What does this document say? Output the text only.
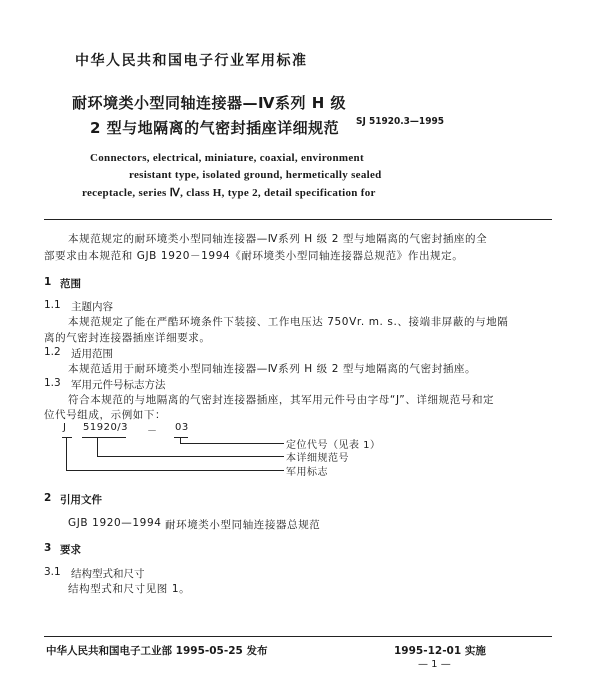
中华人民共和国电子行业军用标准
耐环境类小型同轴连接器—Ⅳ系列 H 级
2 型与地隔离的气密封插座详细规范 SJ 51920.3—1995
Connectors, electrical, miniature, coaxial, environment
resistant type, isolated ground, hermetically sealed
receptacle, series Ⅳ, class H, type 2, detail specification for
本规范规定的耐环境类小型同轴连接器—Ⅳ系列 H 级 2 型与地隔离的气密封插座的全
部要求由本规范和 GJB 1920－1994《耐环境类小型同轴连接器总规范》作出规定。
1 范围
1.1 主题内容
本规范规定了能在严酷环境条件下装接、工作电压达 750Vr. m. s.、接端非屏蔽的与地隔
离的气密封连接器插座详细要求。
1.2 适用范围
本规范适用于耐环境类小型同轴连接器—Ⅳ系列 H 级 2 型与地隔离的气密封插座。
1.3 军用元件号标志方法
符合本规范的与地隔离的气密封连接器插座，其军用元件号由字母“J”、详细规范号和定
位代号组成，示例如下：
J 51920/3 － 03
定位代号（见表 1）
本详细规范号
军用标志
2 引用文件
GJB 1920—1994 耐环境类小型同轴连接器总规范
3 要求
3.1 结构型式和尺寸
结构型式和尺寸见图 1。
中华人民共和国电子工业部 1995-05-25 发布	1995-12-01 实施
— 1 —
